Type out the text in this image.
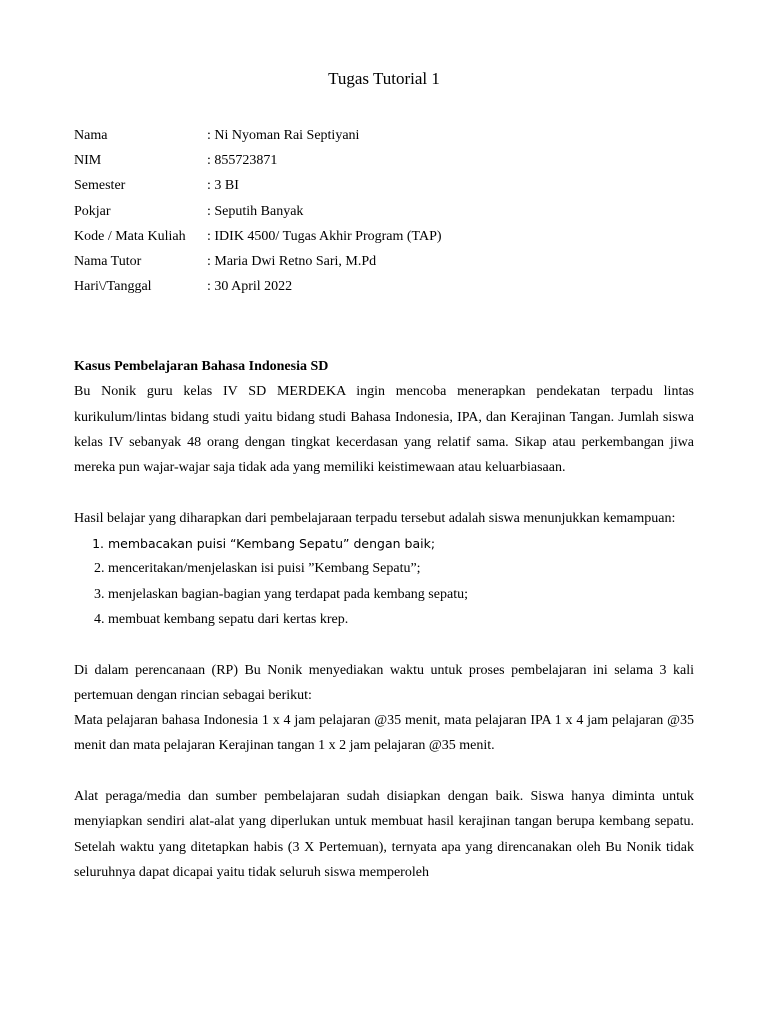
Tugas Tutorial 1
Nama	: Ni Nyoman Rai Septiyani
NIM	: 855723871
Semester	: 3 BI
Pokjar	: Seputih Banyak
Kode / Mata Kuliah	: IDIK 4500/ Tugas Akhir Program (TAP)
Nama Tutor	: Maria Dwi Retno Sari, M.Pd
Hari\/Tanggal	: 30 April 2022

Kasus Pembelajaran Bahasa Indonesia SD

Bu Nonik guru kelas IV SD MERDEKA ingin mencoba menerapkan pendekatan terpadu lintas kurikulum/lintas bidang studi yaitu bidang studi Bahasa Indonesia, IPA, dan Kerajinan Tangan. Jumlah siswa kelas IV sebanyak 48 orang dengan tingkat kecerdasan yang relatif sama. Sikap atau perkembangan jiwa mereka pun wajar-wajar saja tidak ada yang memiliki keistimewaan atau keluarbiasaan.

Hasil belajar yang diharapkan dari pembelajaraan terpadu tersebut adalah siswa menunjukkan kemampuan:

1. membacakan puisi “Kembang Sepatu” dengan baik;
2. menceritakan/menjelaskan isi puisi ”Kembang Sepatu”;
3. menjelaskan bagian-bagian yang terdapat pada kembang sepatu;
4. membuat kembang sepatu dari kertas krep.

Di dalam perencanaan (RP) Bu Nonik menyediakan waktu untuk proses pembelajaran ini selama 3 kali pertemuan dengan rincian sebagai berikut:

Mata pelajaran bahasa Indonesia 1 x 4 jam pelajaran @35 menit, mata pelajaran IPA 1 x 4 jam pelajaran @35 menit dan mata pelajaran Kerajinan tangan 1 x 2 jam pelajaran @35 menit.

Alat peraga/media dan sumber pembelajaran sudah disiapkan dengan baik. Siswa hanya diminta untuk menyiapkan sendiri alat-alat yang diperlukan untuk membuat hasil kerajinan tangan berupa kembang sepatu. Setelah waktu yang ditetapkan habis (3 X Pertemuan), ternyata apa yang direncanakan oleh Bu Nonik tidak seluruhnya dapat dicapai yaitu tidak seluruh siswa memperoleh
